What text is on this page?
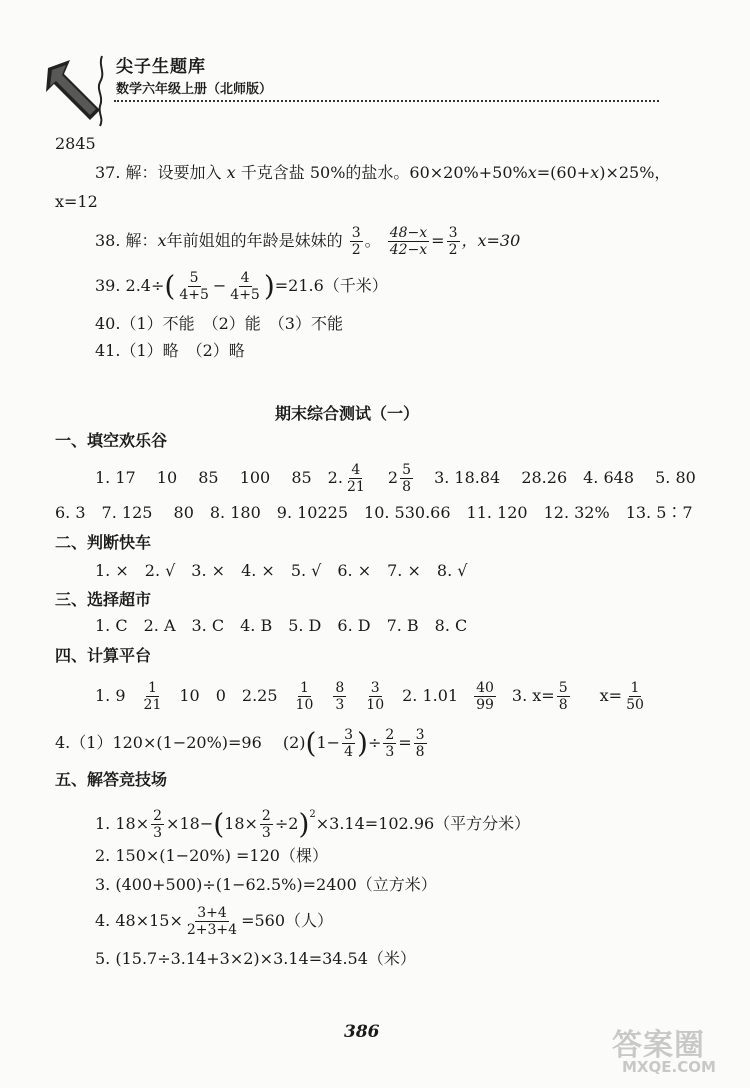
尖子生题库
数学六年级上册（北师版）
2845
37. 解：设要加入 x 千克含盐 50%的盐水。60×20%+50%x=(60+x)×25%，
x=12
38. 解：x年前姐姐的年龄是妹妹的 $\frac{3}{2}$ 。 $\frac{48-x}{42-x} = \frac{3}{2}$ ，x=30
39. $2.4\div( \frac{5}{4+5} - \frac{4}{4+5} )=21.6$（千米）
40.（1）不能　（2）能　（3）不能
41.（1）略　（2）略
期末综合测试（一）
一、填空欢乐谷
1. 17　 10　 85　 100　 85　2. $\frac{4}{21} 2 \frac{5}{8} 3$. 18.84　 28.26　4. 648　 5. 80
6. 3　7. 125　 80　8. 180　9. 10225　10. 530.66　11. 120　12. 32%　13. 5∶7
二、判断快车
1. ×　2. √　3. ×　4. ×　5. √　6. ×　7. ×　8. √
三、选择超市
1. C　2. A　3. C　4. B　5. D　6. D　7. B　8. C
四、计算平台
1. $9 \frac{1}{21} 10$　0　$2.25 \frac{1}{10} \frac{8}{3} \frac{3}{10} 2$. $1.01 \frac{40}{99} 3$. $x= \frac{5}{8} x= \frac{1}{50}$
4.（1）120×(1−20%)=96　 $(2)(1- \frac{3}{4}$ )÷ $\frac{2}{3} = \frac{3}{8}$
五、解答竞技场
1. $18\times \frac{2}{3} \times 18-(18\times \frac{2}{3} \div 2)^2\times 3.14=102.96$（平方分米）
2. 150×(1−20%) =120（棵）
3. (400+500)÷(1−62.5%)=2400（立方米）
4. $48\times 15\times \frac{3+4}{2+3+4} =560$（人）
5. (15.7÷3.14+3×2)×3.14=34.54（米）
386	答案圈
MXQE.COM
